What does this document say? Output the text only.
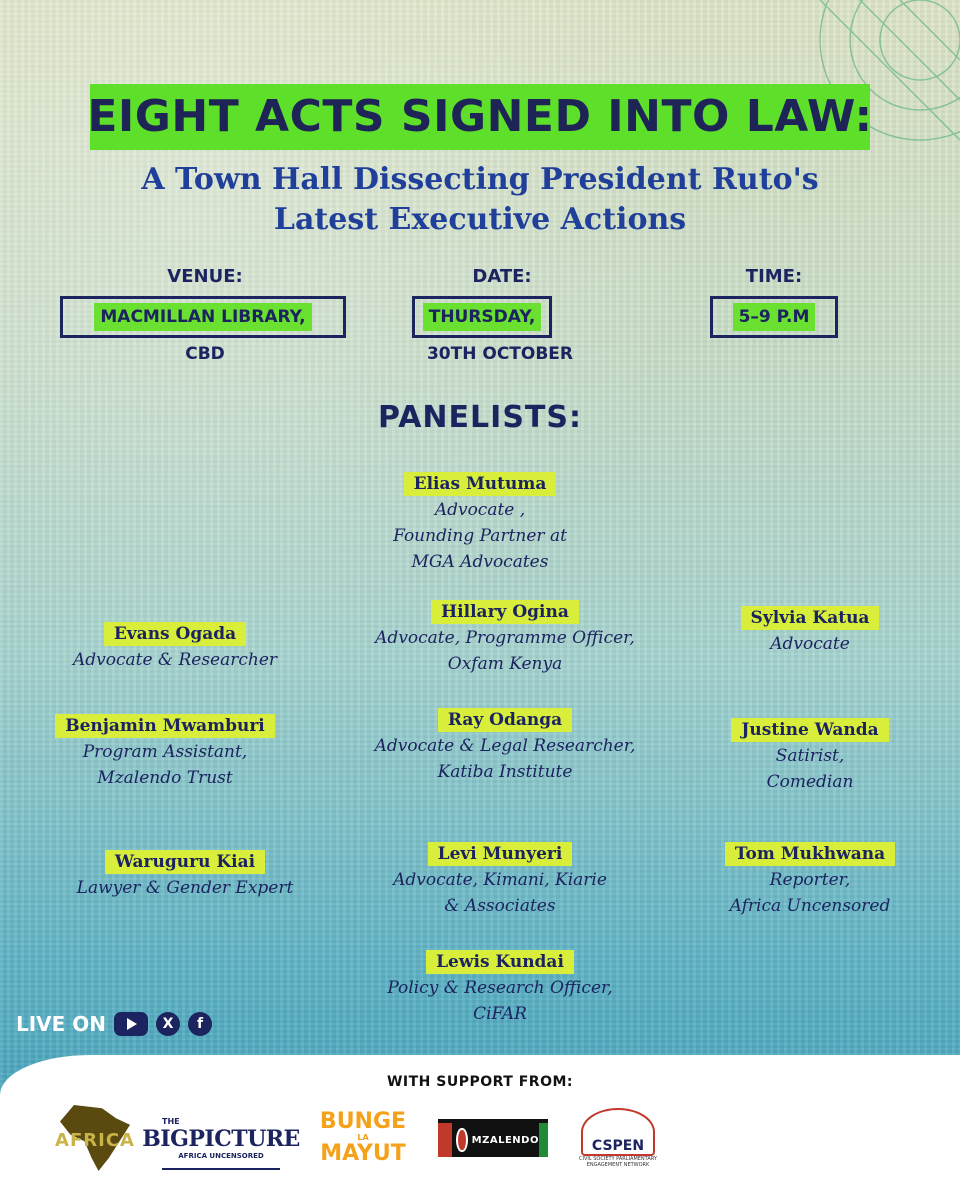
EIGHT ACTS SIGNED INTO LAW:
A Town Hall Dissecting President Ruto's
Latest Executive Actions
VENUE:
MACMILLAN LIBRARY,
CBD
DATE:
THURSDAY,
30TH OCTOBER
TIME:
5–9 P.M
PANELISTS:
Elias Mutuma
Advocate ,
Founding Partner at
MGA Advocates
Evans Ogada
Advocate & Researcher
Hillary Ogina
Advocate, Programme Officer,
Oxfam Kenya
Sylvia Katua
Advocate
Benjamin Mwamburi
Program Assistant,
Mzalendo Trust
Ray Odanga
Advocate & Legal Researcher,
Katiba Institute
Justine Wanda
Satirist,
Comedian
Waruguru Kiai
Lawyer & Gender Expert
Levi Munyeri
Advocate, Kimani, Kiarie
& Associates
Tom Mukhwana
Reporter,
Africa Uncensored
Lewis Kundai
Policy & Research Officer,
CiFAR
LIVE ON	X	f
WITH SUPPORT FROM:
AFRICA
THE
BIGPICTURE
AFRICA UNCENSORED
BUNGE
LA
MAYUT
MZALENDO	CSPEN
CIVIL SOCIETY PARLIAMENTARY ENGAGEMENT NETWORK
